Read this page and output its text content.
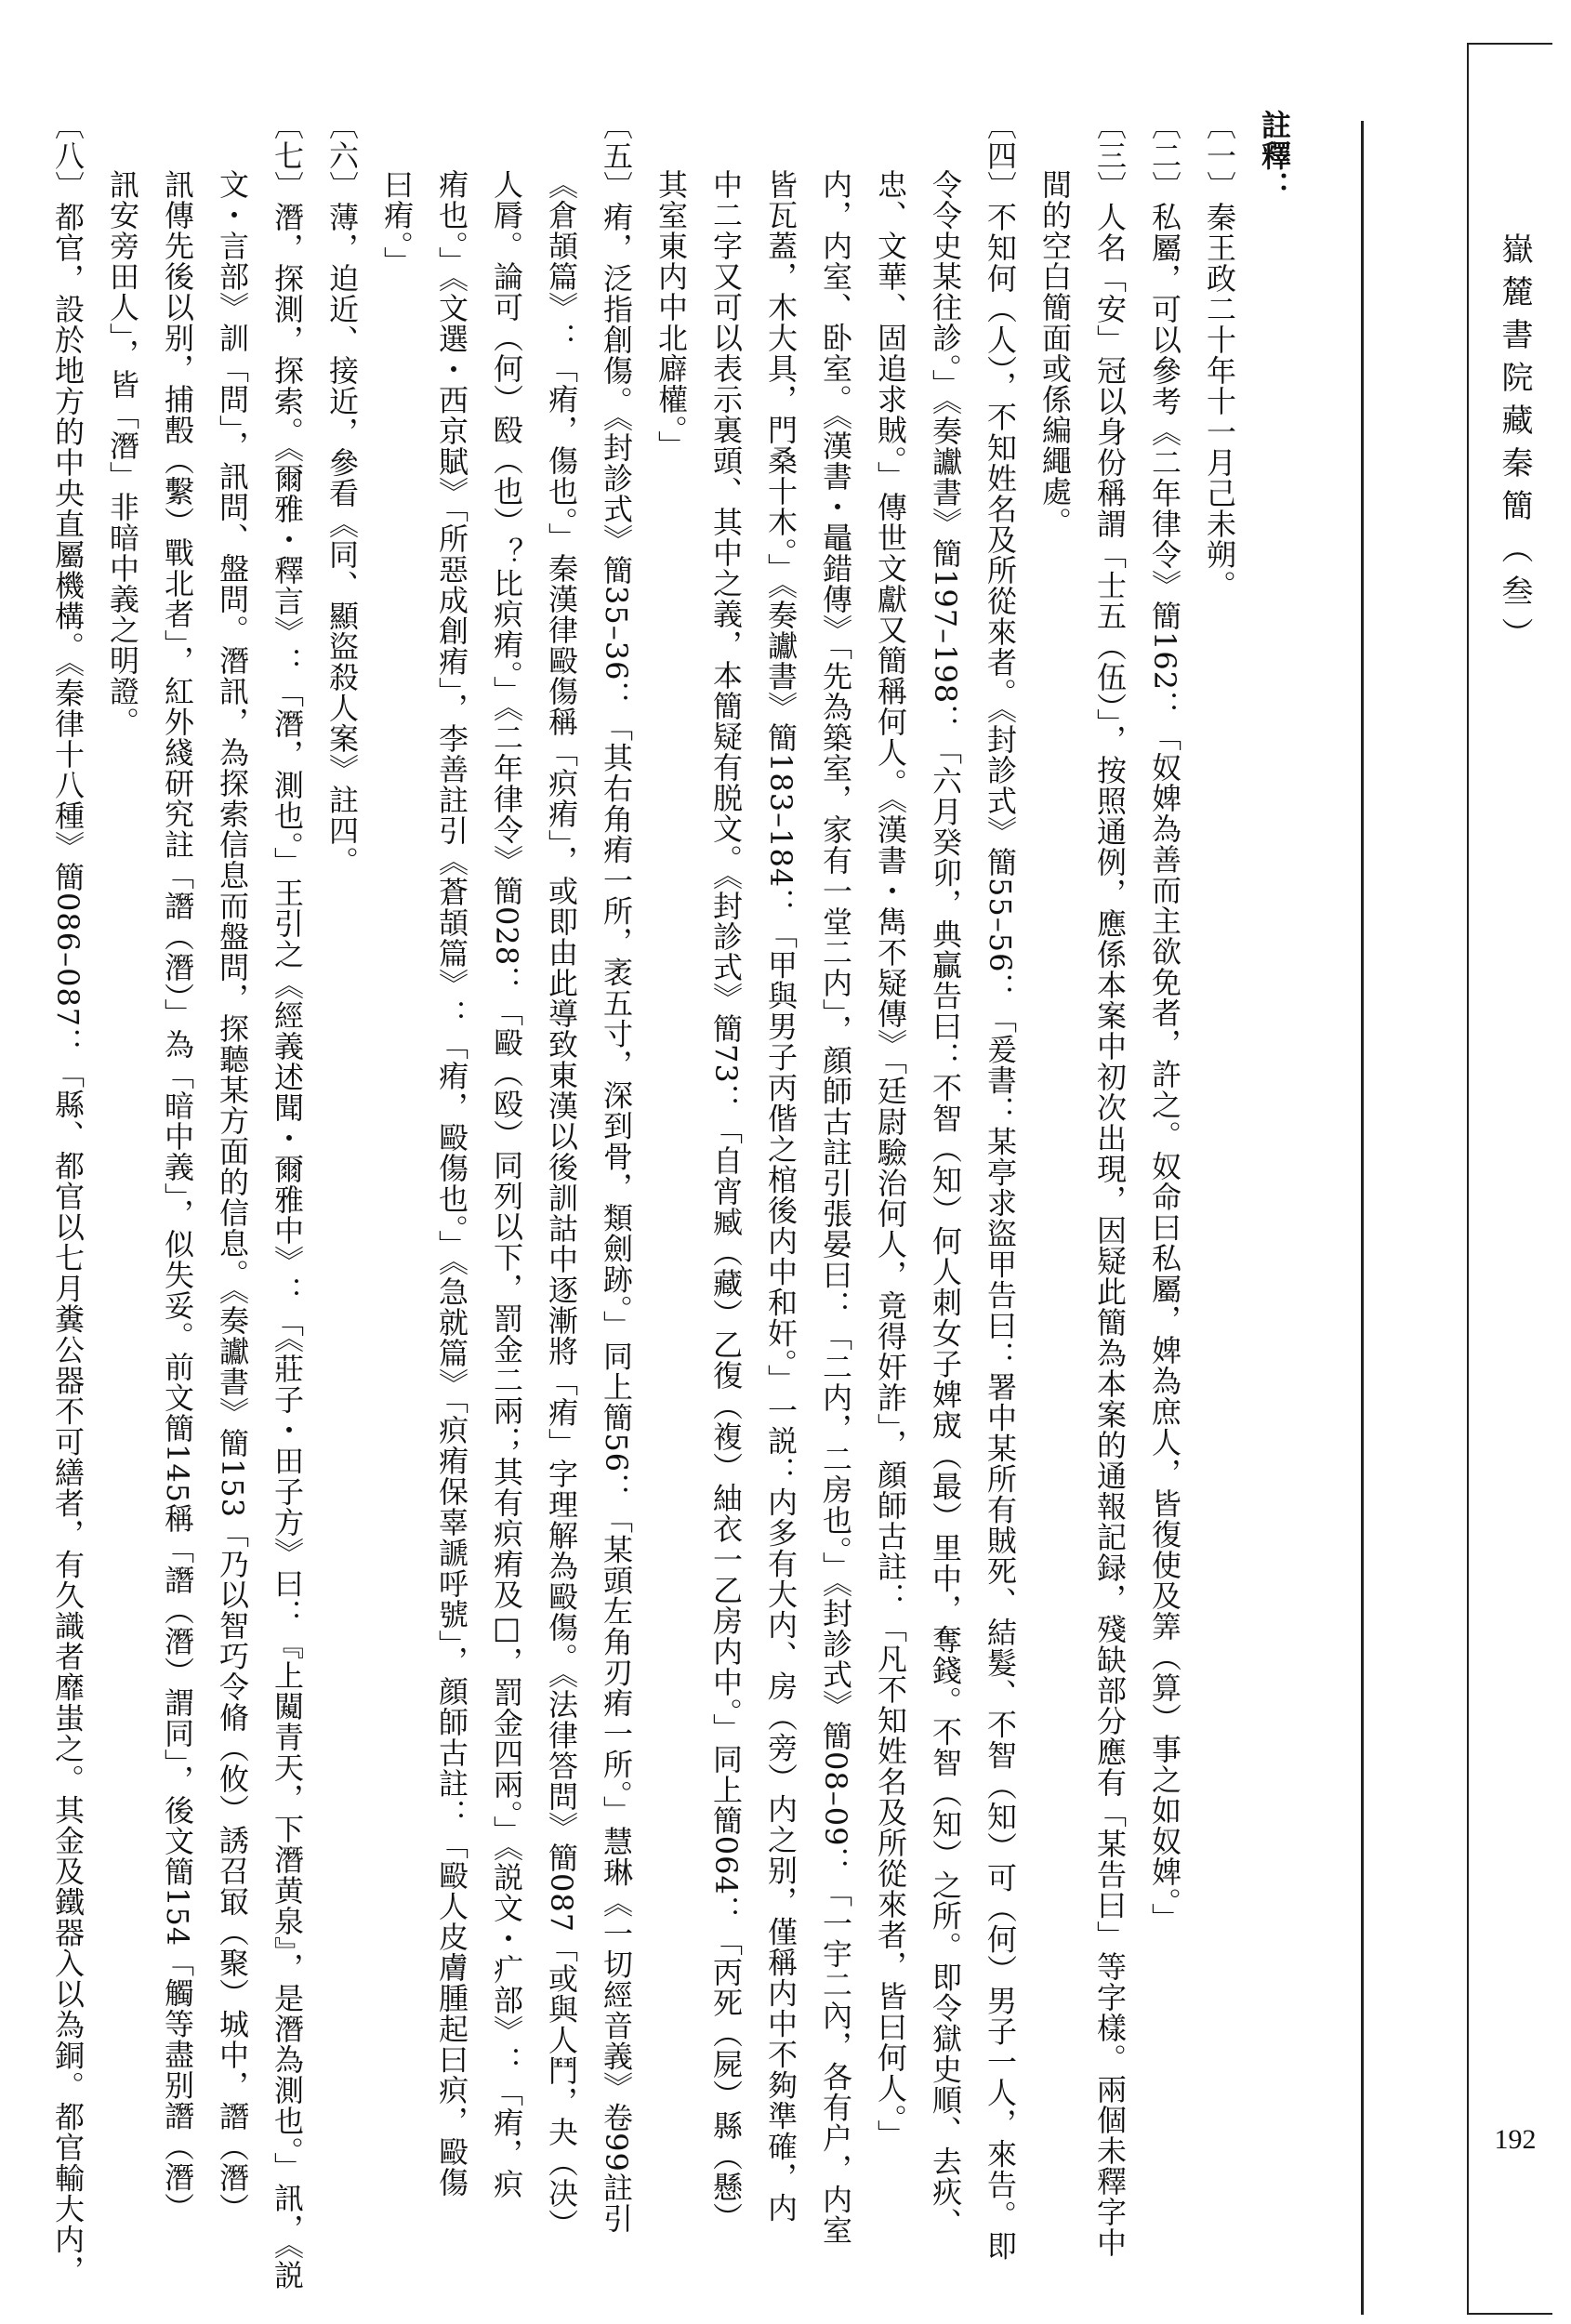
嶽麓書院藏秦簡（叁）
192
註釋：
〔一〕秦王政二十年十一月己未朔。
〔二〕私屬，可以參考《二年律令》簡162：「奴婢為善而主欲免者，許之。奴命曰私屬，婢為庶人，皆復使及筭（算）事之如奴婢。」
〔三〕人名「安」冠以身份稱謂「士五（伍）」，按照通例，應係本案中初次出現，因疑此簡為本案的通報記録，殘缺部分應有「某告曰」等字樣。兩個未釋字中
間的空白簡面或係編繩處。
〔四〕不知何（人），不知姓名及所從來者。《封診式》簡55–56：「爰書：某亭求盜甲告曰：署中某所有賊死、結髮、不智（知）可（何）男子一人，來告。即
令令史某往診。」《奏讞書》簡197–198：「六月癸卯，典贏告曰：不智（知）何人刺女子婢宬（最）里中，奪錢。不智（知）之所。即令獄史順、去疢、
忠、文華、固追求賊。」傳世文獻又簡稱何人。《漢書・雋不疑傳》「廷尉驗治何人，竟得奸詐」，顔師古註：「凡不知姓名及所從來者，皆曰何人。」
内，内室、卧室。《漢書・鼂錯傳》「先為築室，家有一堂二内」，顔師古註引張晏曰：「二内，二房也。」《封診式》簡08–09：「一宇二內，各有户，内室
皆瓦蓋，木大具，門桑十木。」《奏讞書》簡183–184：「甲與男子丙偕之棺後内中和奸。」一説：内多有大内、房（旁）内之别，僅稱内中不夠準確，内
中二字又可以表示裏頭、其中之義，本簡疑有脱文。《封診式》簡73：「自宵臧（藏）乙復（複）紬衣一乙房内中。」同上簡064：「丙死（屍）縣（懸）
其室東内中北廦權。」
〔五〕痏，泛指創傷。《封診式》簡35–36：「其右角痏一所，袤五寸，深到骨，類劍跡。」同上簡56：「某頭左角刃痏一所。」慧琳《一切經音義》卷99註引
《倉頡篇》：「痏，傷也。」秦漢律毆傷稱「疻痏」，或即由此導致東漢以後訓詁中逐漸將「痏」字理解為毆傷。《法律答問》簡087「或與人鬥，夬（决）
人脣。論可（何）殹（也）？比疻痏。」《二年律令》簡028：「毆（殴）同列以下，罰金二兩；其有疻痏及□，罰金四兩。」《説文・疒部》：「痏，疻
痏也。」《文選・西京賦》「所惡成創痏」，李善註引《蒼頡篇》：「痏，毆傷也。」《急就篇》「疻痏保辜謕呼號」，顔師古註：「毆人皮膚腫起曰疻，毆傷
曰痏。」
〔六〕薄，迫近、接近，參看《同、顯盜殺人案》註四。
〔七〕潛，探測，探索。《爾雅・釋言》：「潛，測也。」王引之《經義述聞・爾雅中》：「《莊子・田子方》曰：『上闚青天，下潛黄泉』，是潛為測也。」訊，《説
文・言部》訓「問」，訊問、盤問。潛訊，為探索信息而盤問，探聽某方面的信息。《奏讞書》簡153「乃以智巧令脩（攸）誘召冣（聚）城中，譖（潛）
訊傳先後以别，捕毄（繫）戰北者」，紅外綫研究註「譖（潛）」為「暗中義」，似失妥。前文簡145稱「譖（潛）謂同」，後文簡154「觸等盡别譖（潛）
訊安旁田人」，皆「潛」非暗中義之明證。
〔八〕都官，設於地方的中央直屬機構。《秦律十八種》簡086–087：「縣、都官以七月糞公器不可繕者，有久識者靡蚩之。其金及鐵器入以為銅。都官輸大内，
